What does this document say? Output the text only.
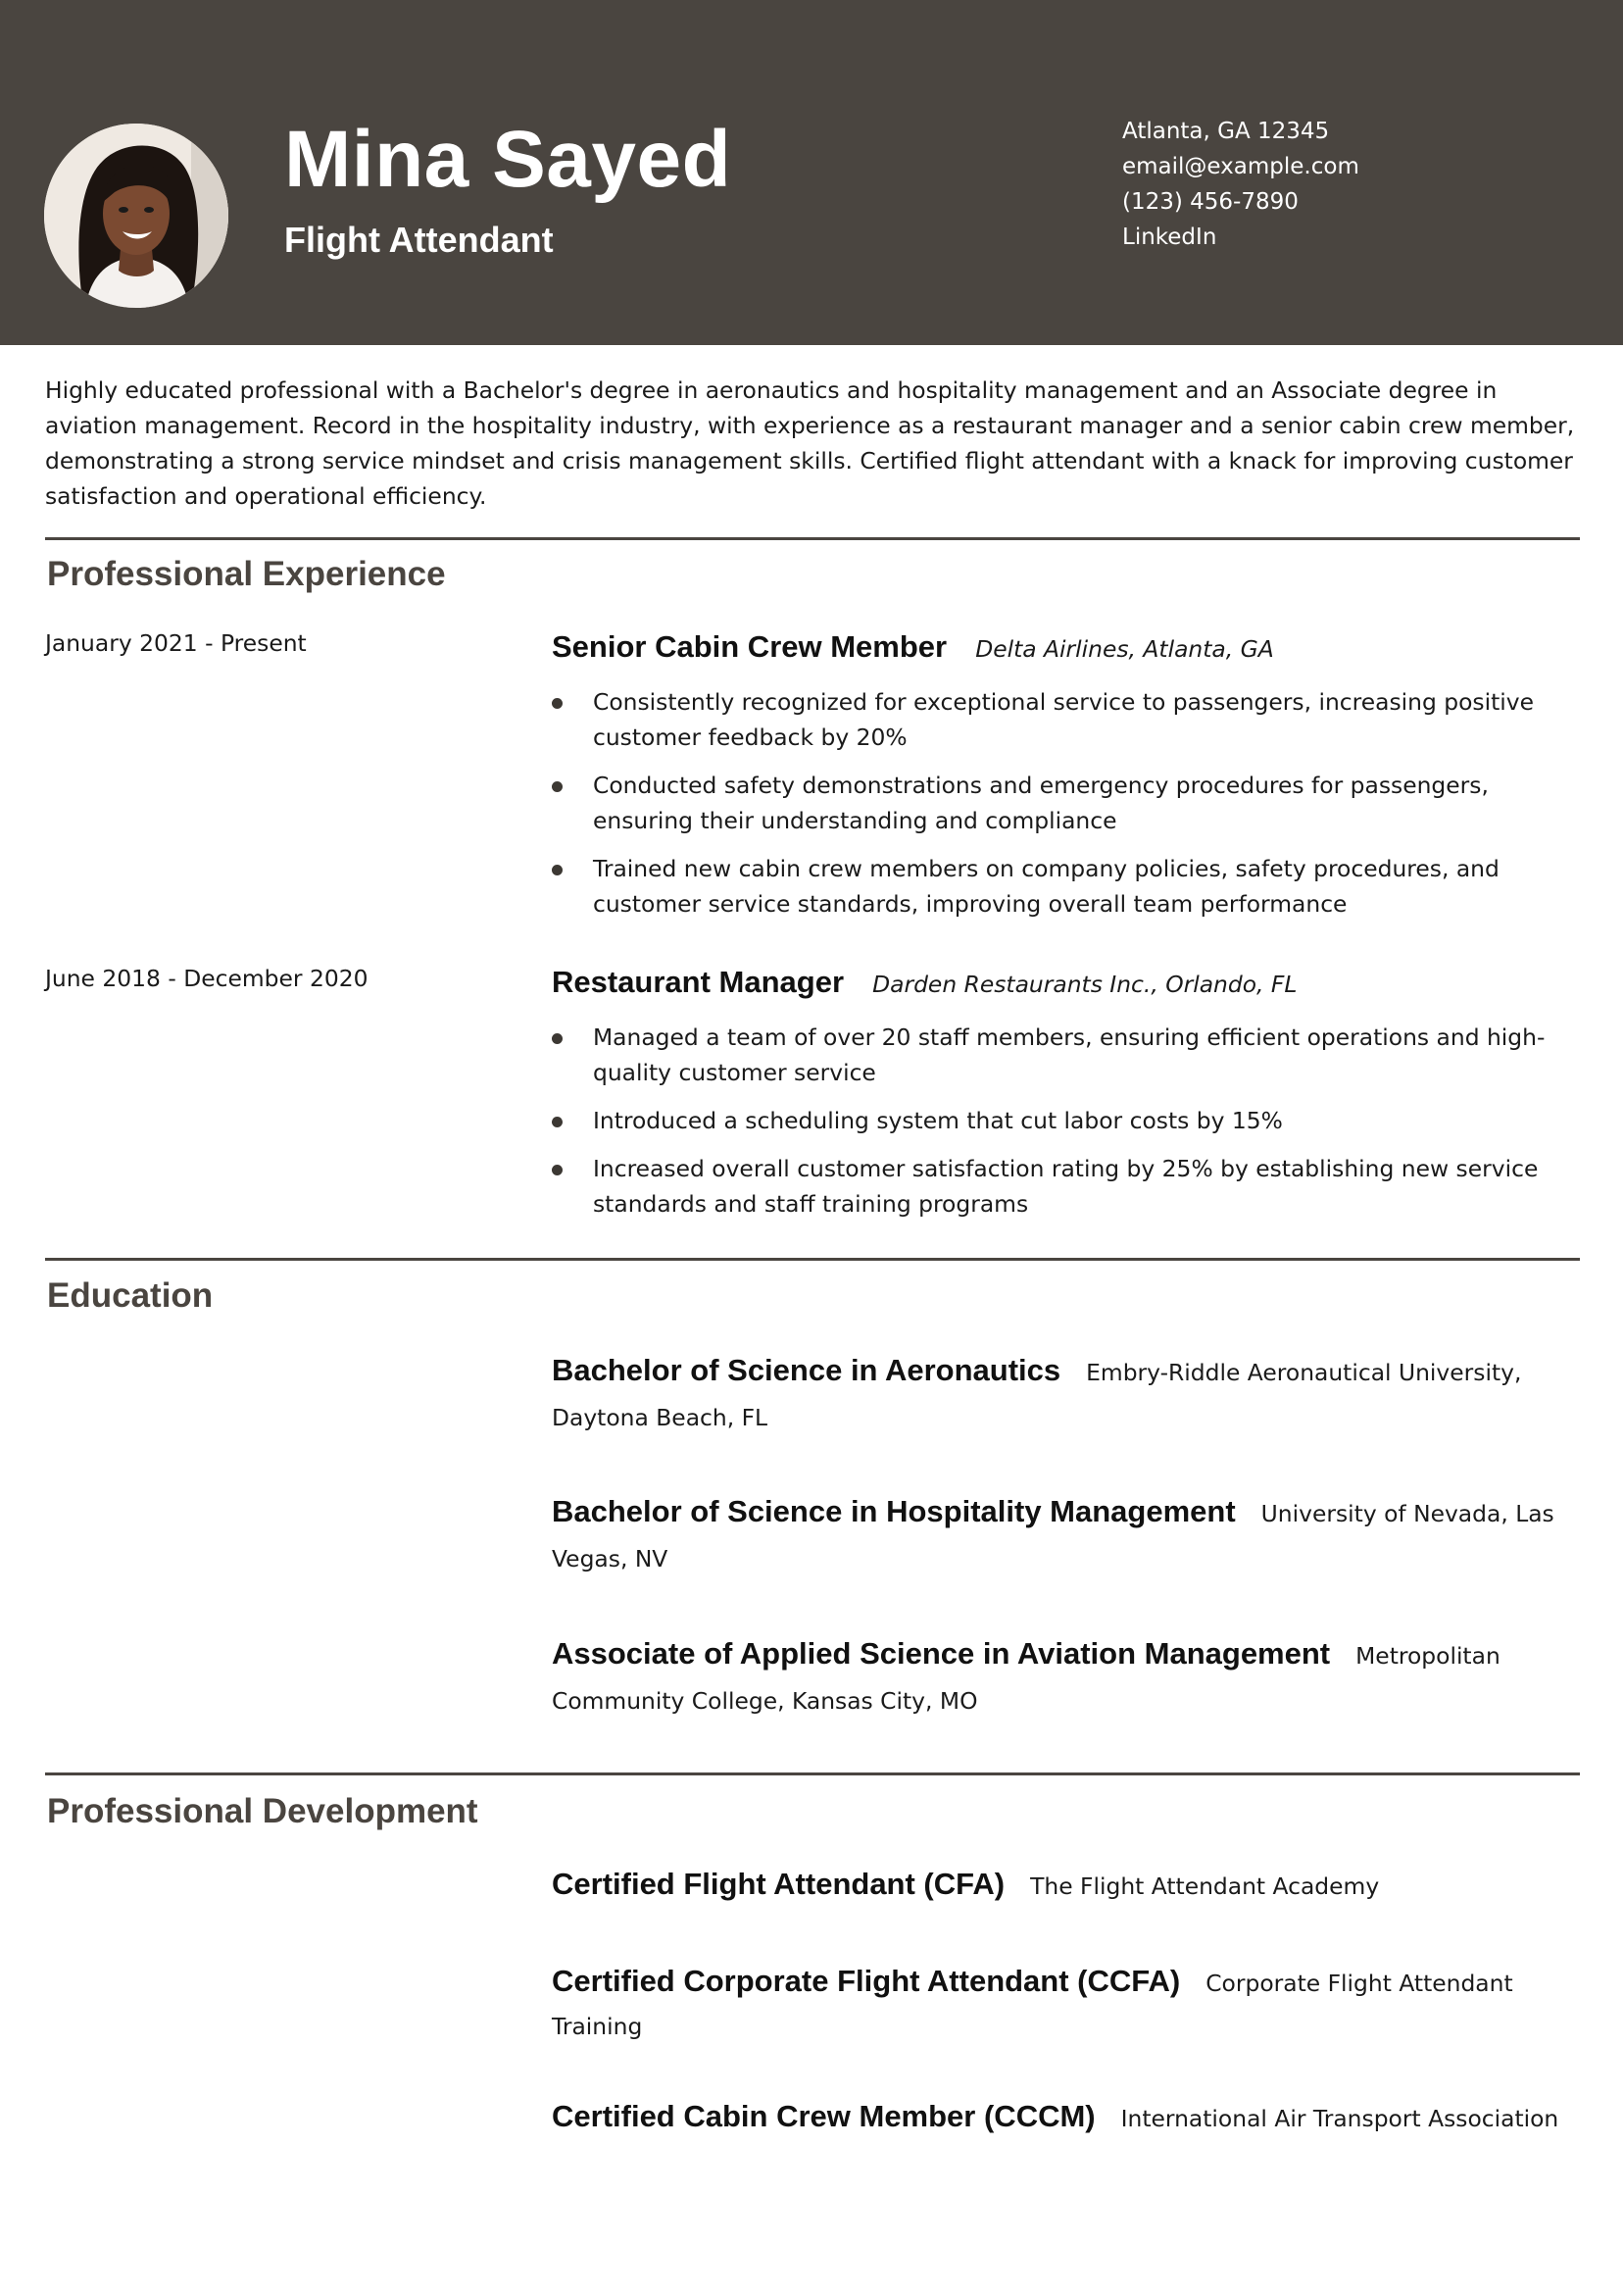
Mina Sayed
Flight Attendant
Atlanta, GA 12345
email@example.com
(123) 456-7890
LinkedIn

Highly educated professional with a Bachelor's degree in aeronautics and hospitality management and an Associate degree in aviation management. Record in the hospitality industry, with experience as a restaurant manager and a senior cabin crew member, demonstrating a strong service mindset and crisis management skills. Certified flight attendant with a knack for improving customer satisfaction and operational efficiency.

Professional Experience
January 2021 - Present	Senior Cabin Crew Member Delta Airlines, Atlanta, GA
Consistently recognized for exceptional service to passengers, increasing positive customer feedback by 20%
Conducted safety demonstrations and emergency procedures for passengers, ensuring their understanding and compliance
Trained new cabin crew members on company policies, safety procedures, and customer service standards, improving overall team performance
June 2018 - December 2020	Restaurant Manager Darden Restaurants Inc., Orlando, FL
Managed a team of over 20 staff members, ensuring efficient operations and high-quality customer service
Introduced a scheduling system that cut labor costs by 15%
Increased overall customer satisfaction rating by 25% by establishing new service standards and staff training programs
Education
Bachelor of Science in Aeronautics Embry-Riddle Aeronautical University, Daytona Beach, FL
Bachelor of Science in Hospitality Management University of Nevada, Las Vegas, NV
Associate of Applied Science in Aviation Management Metropolitan Community College, Kansas City, MO
Professional Development
Certified Flight Attendant (CFA) The Flight Attendant Academy
Certified Corporate Flight Attendant (CCFA) Corporate Flight Attendant Training
Certified Cabin Crew Member (CCCM) International Air Transport Association
